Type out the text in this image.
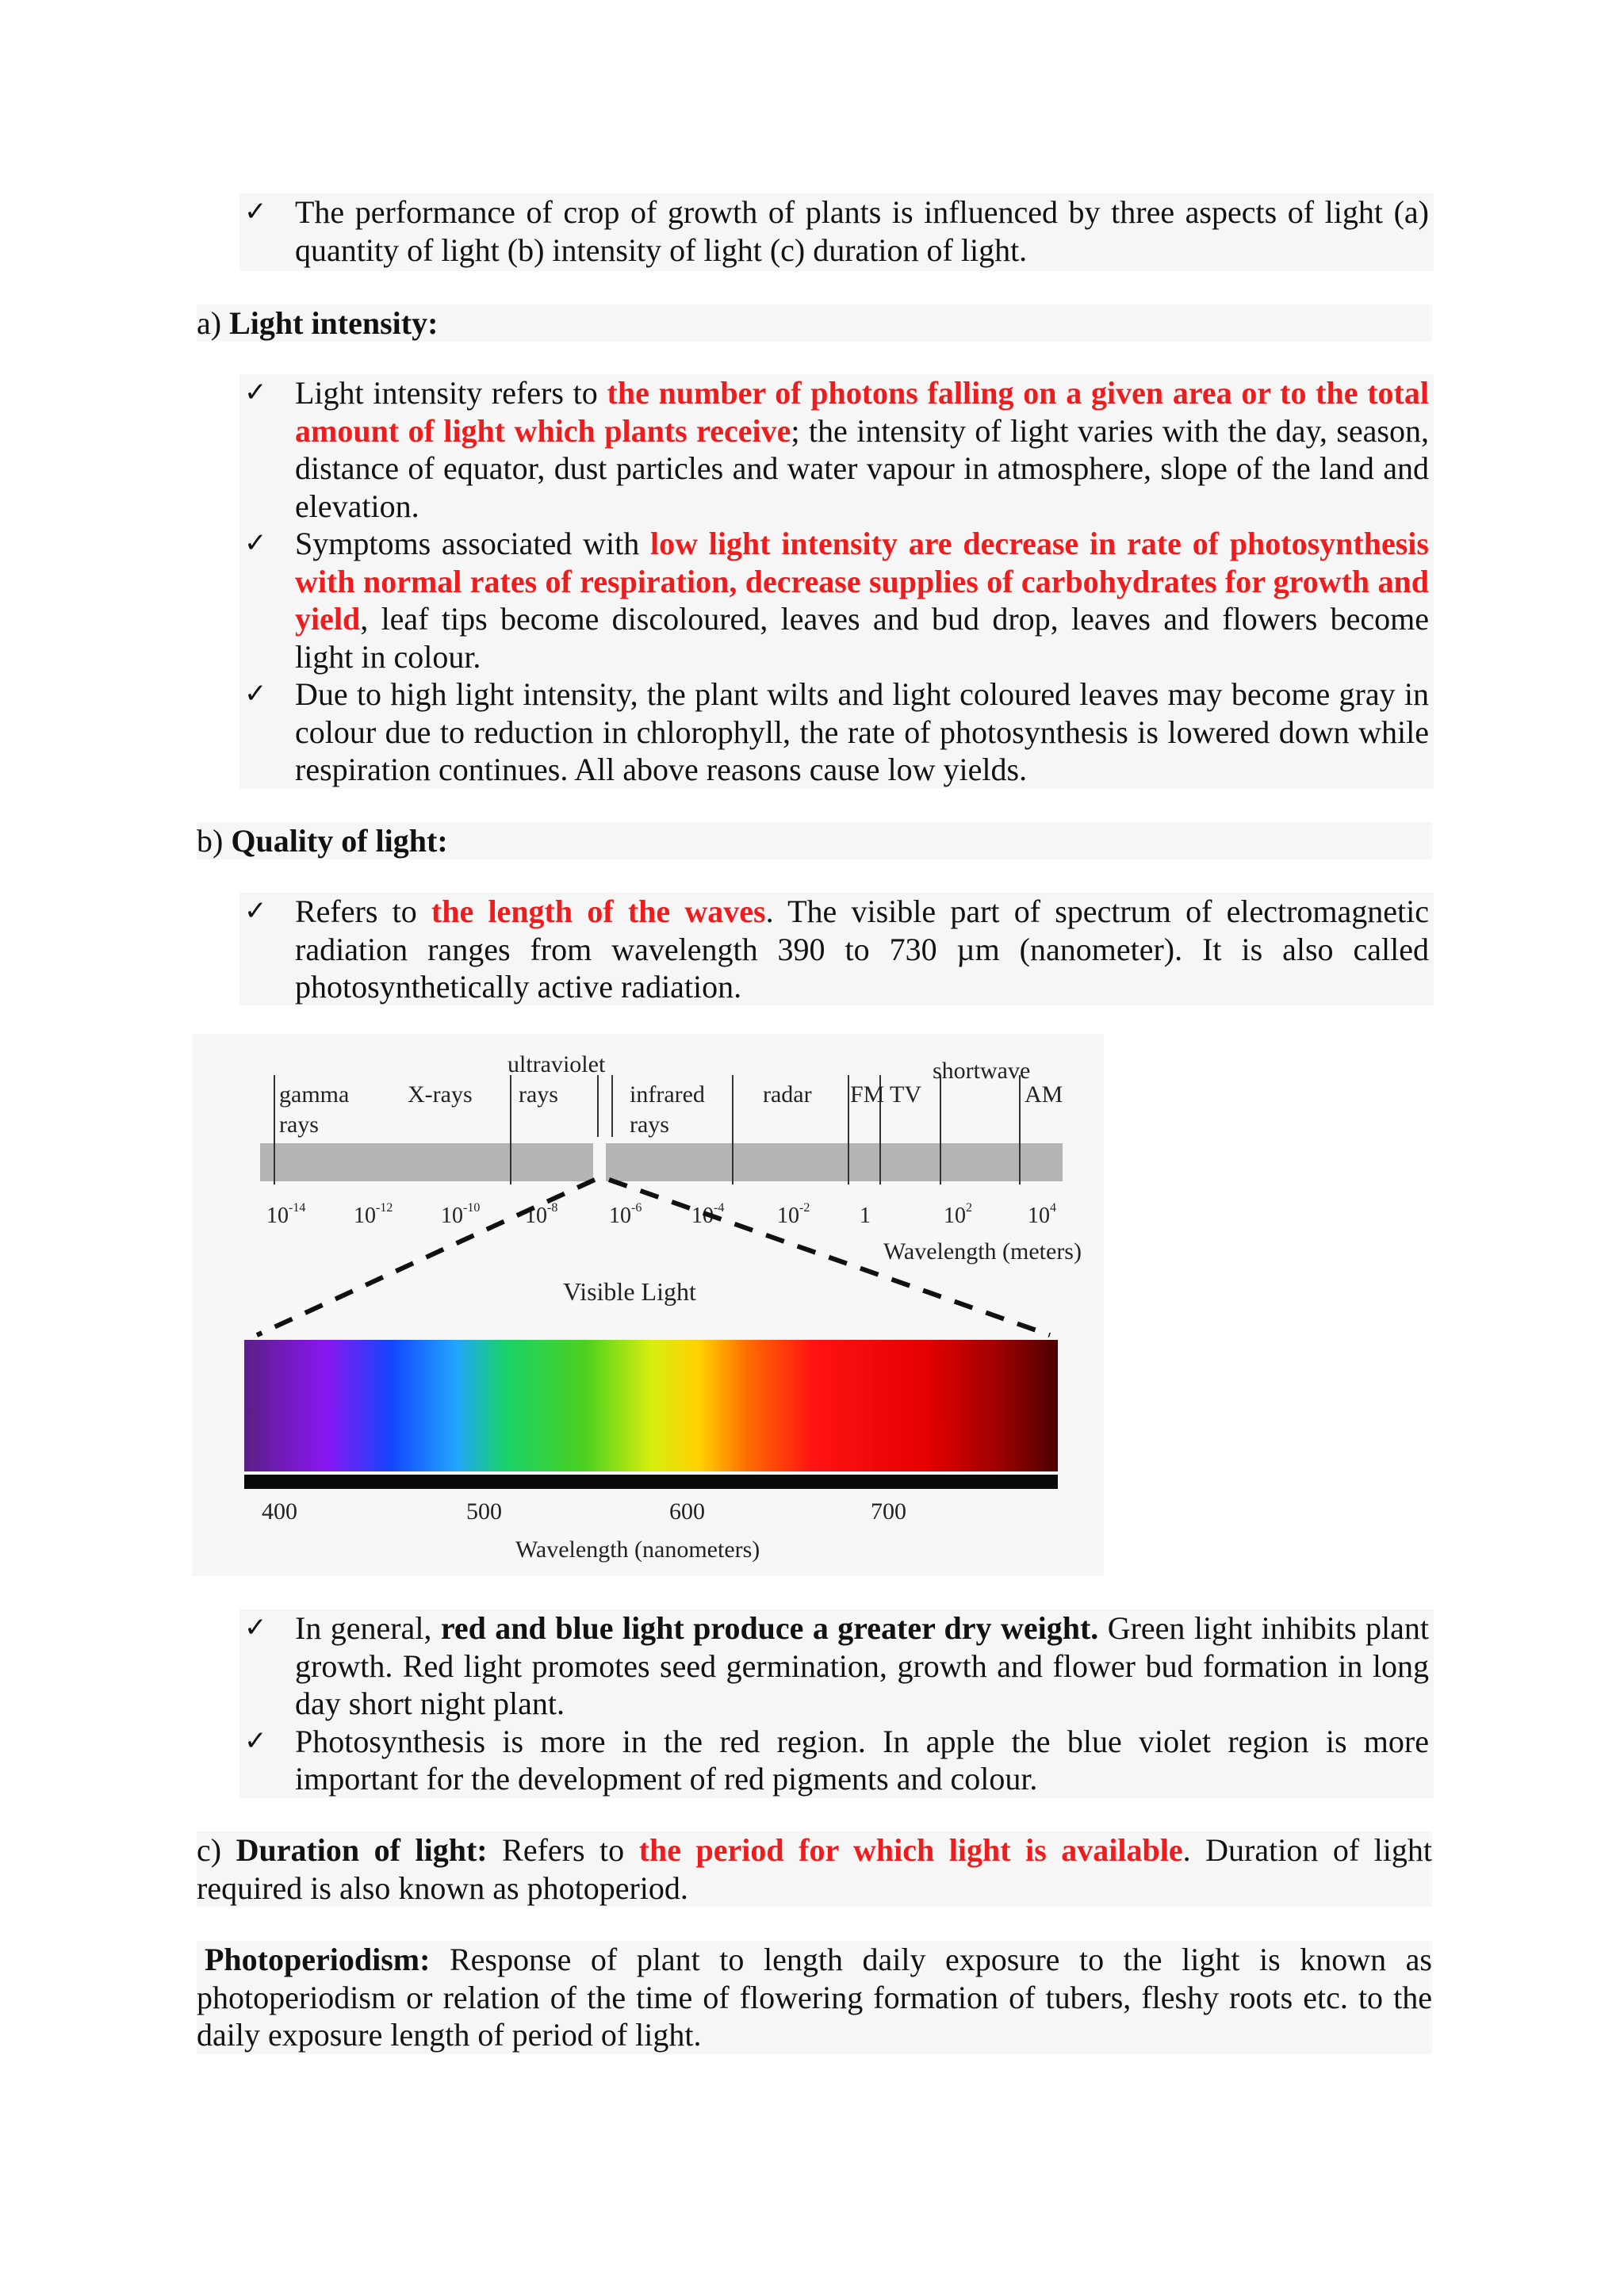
✓ The performance of crop of growth of plants is influenced by three aspects of light (a) quantity of light (b) intensity of light (c) duration of light.
a) Light intensity:
✓ Light intensity refers to the number of photons falling on a given area or to the total amount of light which plants receive; the intensity of light varies with the day, season, distance of equator, dust particles and water vapour in atmosphere, slope of the land and elevation.
✓ Symptoms associated with low light intensity are decrease in rate of photosynthesis with normal rates of respiration, decrease supplies of carbohydrates for growth and yield, leaf tips become discoloured, leaves and bud drop, leaves and flowers become light in colour.
✓ Due to high light intensity, the plant wilts and light coloured leaves may become gray in colour due to reduction in chlorophyll, the rate of photosynthesis is lowered down while respiration continues. All above reasons cause low yields.
b) Quality of light:
✓ Refers to the length of the waves. The visible part of spectrum of electromagnetic radiation ranges from wavelength 390 to 730 µm (nanometer). It is also called photosynthetically active radiation.
gamma
rays
X-rays
ultraviolet
rays	infrared
rays
radar FM TV
shortwave
AM
$10^{-14}$ $10^{-12}$ $10^{-10}$ $10^{-8}$ $10^{-6}$ $10^{-4}$ $10^{-2}$ 1	$10^2$	$10^4$
Wavelength (meters)
Visible Light
400	500	600	700
Wavelength (nanometers)
✓ In general, red and blue light produce a greater dry weight. Green light inhibits plant growth. Red light promotes seed germination, growth and flower bud formation in long day short night plant.
✓ Photosynthesis is more in the red region. In apple the blue violet region is more important for the development of red pigments and colour.
c) Duration of light: Refers to the period for which light is available. Duration of light required is also known as photoperiod.
Photoperiodism: Response of plant to length daily exposure to the light is known as photoperiodism or relation of the time of flowering formation of tubers, fleshy roots etc. to the daily exposure length of period of light.
